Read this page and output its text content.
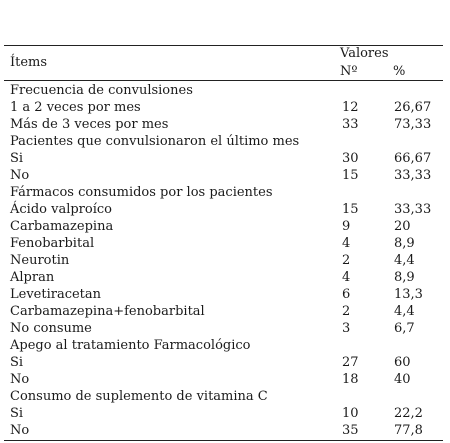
Ítems
Valores
Nº	%
Frecuencia de convulsiones
1 a 2 veces por mes	12	26,67
Más de 3 veces por mes	33	73,33
Pacientes que convulsionaron el último mes
Si	30	66,67
No	15	33,33
Fármacos consumidos por los pacientes
Ácido valproíco	15	33,33
Carbamazepina	9	20
Fenobarbital	4	8,9
Neurotin	2	4,4
Alpran	4	8,9
Levetiracetan	6	13,3
Carbamazepina+fenobarbital	2	4,4
No consume	3	6,7
Apego al tratamiento Farmacológico
Si	27	60
No	18	40
Consumo de suplemento de vitamina C
Si	10	22,2
No	35	77,8
